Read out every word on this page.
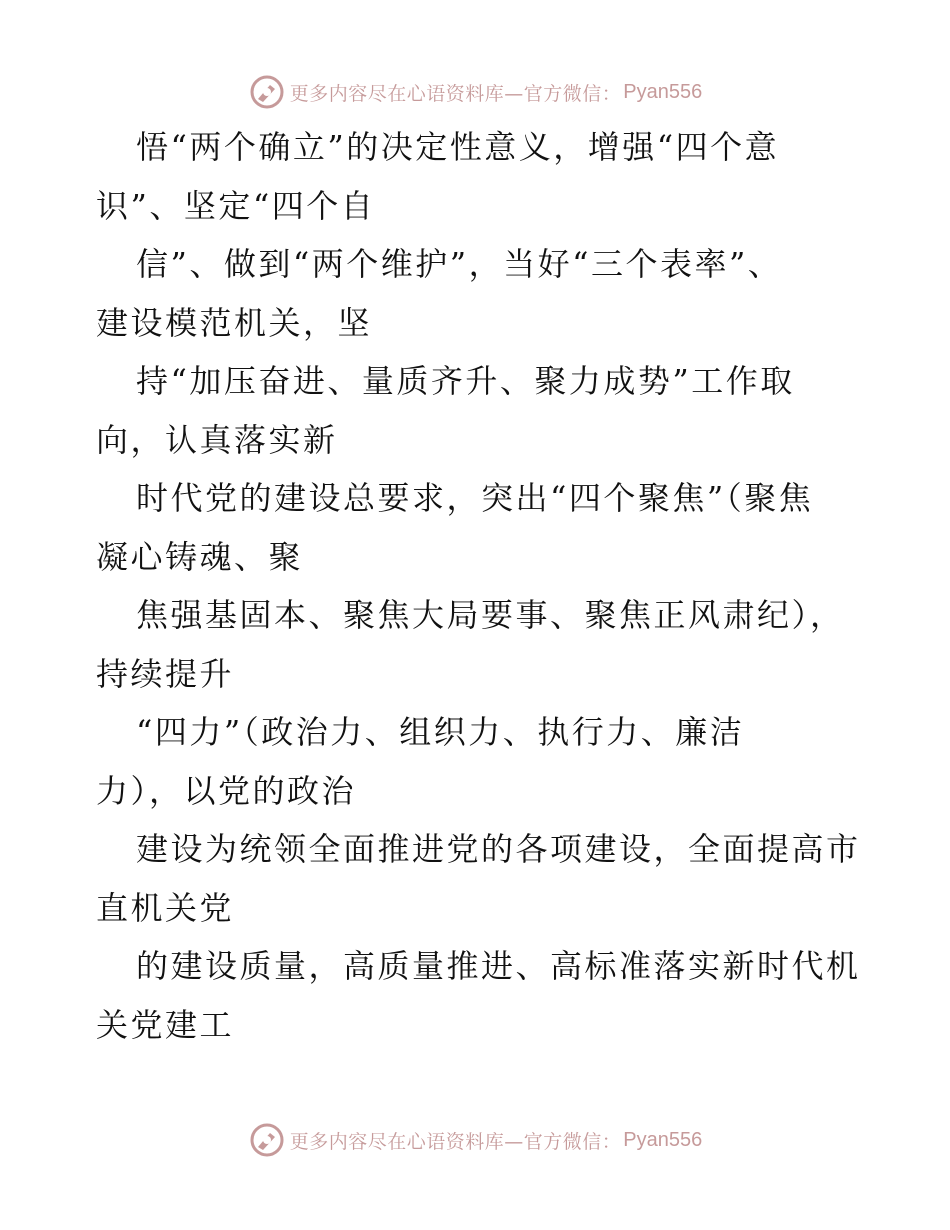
更多内容尽在心语资料库—官方微信： Pyan556
悟“两个确立”的决定性意义，增强“四个意
识”、坚定“四个自
信”、做到“两个维护”，当好“三个表率”、
建设模范机关，坚
持“加压奋进、量质齐升、聚力成势”工作取
向，认真落实新
时代党的建设总要求，突出“四个聚焦”（聚焦
凝心铸魂、聚
焦强基固本、聚焦大局要事、聚焦正风肃纪），
持续提升
“四力”（政治力、组织力、执行力、廉洁
力），以党的政治
建设为统领全面推进党的各项建设，全面提高市
直机关党
的建设质量，高质量推进、高标准落实新时代机
关党建工
更多内容尽在心语资料库—官方微信： Pyan556
